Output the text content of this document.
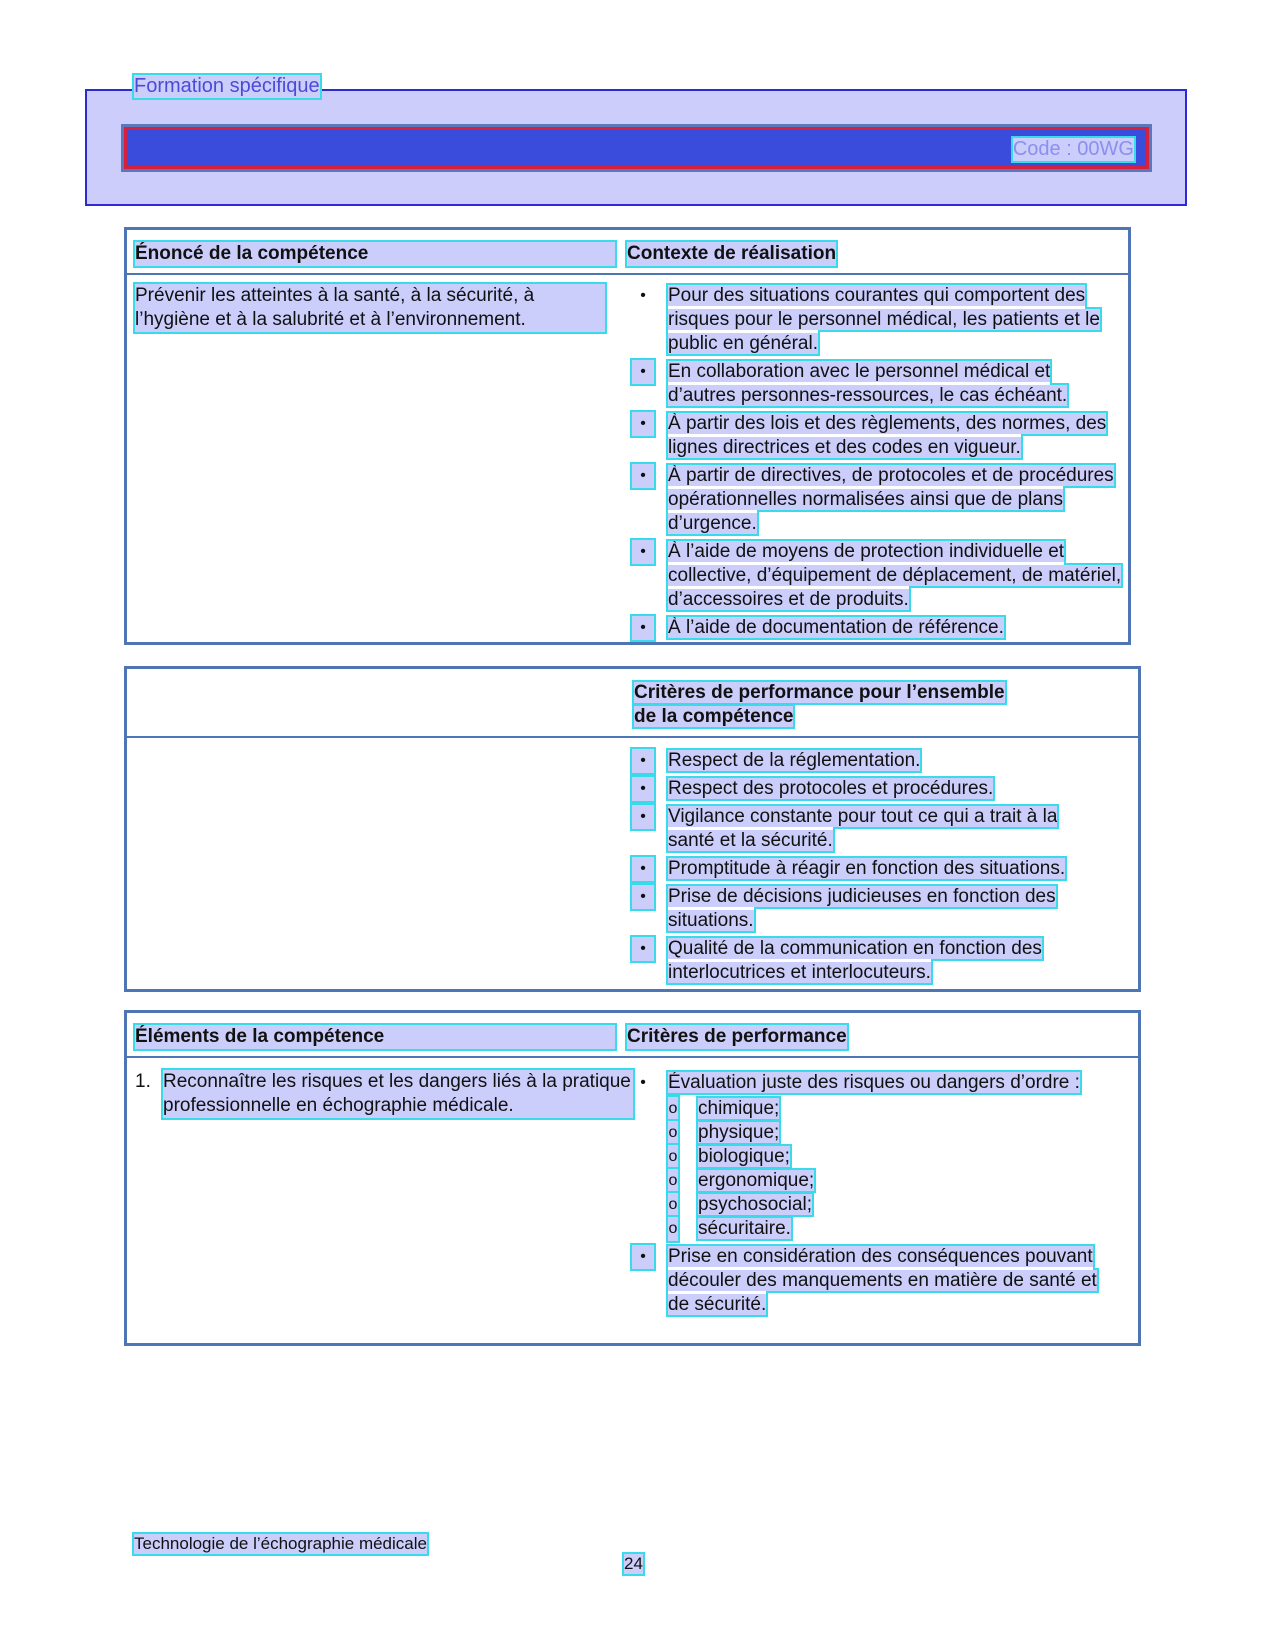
Formation spécifique
Code : 00WG
Énoncé de la compétence	Contexte de réalisation
Prévenir les atteintes à la santé, à la sécurité, à l’hygiène et à la salubrité et à l’environnement.
•	Pour des situations courantes qui comportent des risques pour le personnel médical, les patients et le public en général.
•	En collaboration avec le personnel médical et d’autres personnes-ressources, le cas échéant.
•	À partir des lois et des règlements, des normes, des lignes directrices et des codes en vigueur.
•	À partir de directives, de protocoles et de procédures opérationnelles normalisées ainsi que de plans d’urgence.
•	À l’aide de moyens de protection individuelle et collective, d’équipement de déplacement, de matériel, d’accessoires et de produits.
•	À l’aide de documentation de référence.
Critères de performance pour l’ensemble
de la compétence
•	Respect de la réglementation.
•	Respect des protocoles et procédures.
•	Vigilance constante pour tout ce qui a trait à la santé et la sécurité.
•	Promptitude à réagir en fonction des situations.
•	Prise de décisions judicieuses en fonction des situations.
•	Qualité de la communication en fonction des interlocutrices et interlocuteurs.
Éléments de la compétence	Critères de performance
1. Reconnaître les risques et les dangers liés à la pratique professionnelle en échographie médicale.
•	Évaluation juste des risques ou dangers d’ordre :
o chimique;
o physique;
o biologique;
o ergonomique;
o psychosocial;
o sécuritaire.
•	Prise en considération des conséquences pouvant découler des manquements en matière de santé et de sécurité.
Technologie de l’échographie médicale
24
